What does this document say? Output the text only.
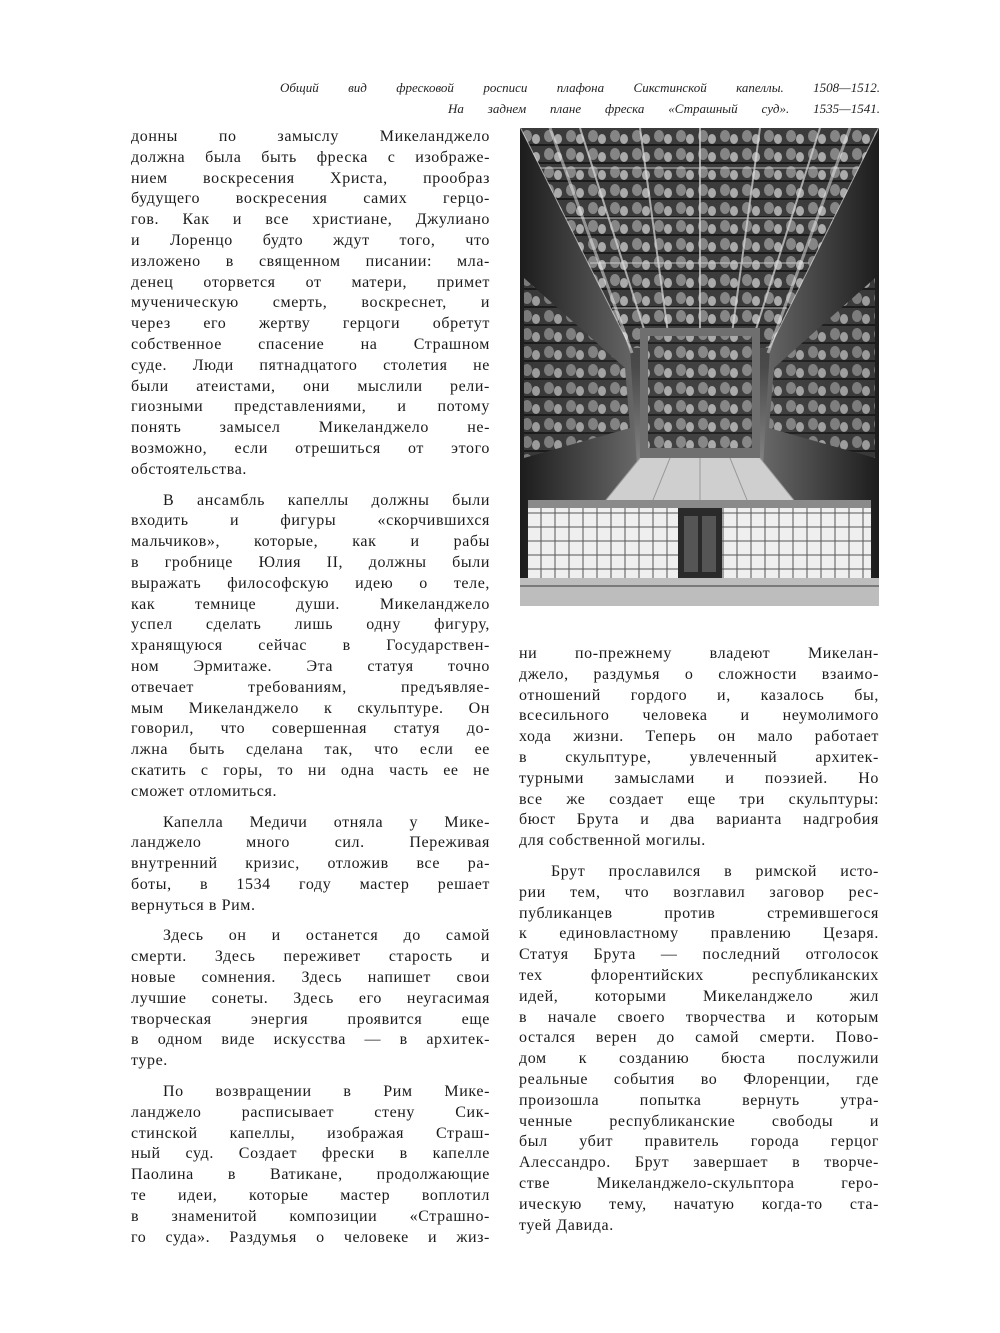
Общий вид фресковой росписи плафона Сикстинской капеллы. 1508—1512.
На заднем плане фреска «Страшный суд». 1535—1541.

донны по замыслу Микеланджело
должна была быть фреска с изображе-
нием воскресения Христа, прообраз
будущего воскресения самих герцо-
гов. Как и все христиане, Джулиано
и Лоренцо будто ждут того, что
изложено в священном писании: мла-
денец оторвется от матери, примет
мученическую смерть, воскреснет, и
через его жертву герцоги обретут
собственное спасение на Страшном
суде. Люди пятнадцатого столетия не
были атеистами, они мыслили рели-
гиозными представлениями, и потому
понять замысел Микеланджело не-
возможно, если отрешиться от этого
обстоятельства.

В ансамбль капеллы должны были
входить и фигуры «скорчившихся
мальчиков», которые, как и рабы
в гробнице Юлия II, должны были
выражать философскую идею о теле,
как темнице души. Микеланджело
успел сделать лишь одну фигуру,
хранящуюся сейчас в Государствен-
ном Эрмитаже. Эта статуя точно
отвечает требованиям, предъявляе-
мым Микеланджело к скульптуре. Он
говорил, что совершенная статуя до-
лжна быть сделана так, что если ее
скатить с горы, то ни одна часть ее не
сможет отломиться.

Капелла Медичи отняла у Мике-
ланджело много сил. Переживая
внутренний кризис, отложив все ра-
боты, в 1534 году мастер решает
вернуться в Рим.

Здесь он и останется до самой
смерти. Здесь переживет старость и
новые сомнения. Здесь напишет свои
лучшие сонеты. Здесь его неугасимая
творческая энергия проявится еще
в одном виде искусства — в архитек-
туре.

По возвращении в Рим Мике-
ланджело расписывает стену Сик-
стинской капеллы, изображая Страш-
ный суд. Создает фрески в капелле
Паолина в Ватикане, продолжающие
те идеи, которые мастер воплотил
в знаменитой композиции «Страшно-
го суда». Раздумья о человеке и жиз-

ни по-прежнему владеют Микелан-
джело, раздумья о сложности взаимо-
отношений гордого и, казалось бы,
всесильного человека и неумолимого
хода жизни. Теперь он мало работает
в скульптуре, увлеченный архитек-
турными замыслами и поэзией. Но
все же создает еще три скульптуры:
бюст Брута и два варианта надгробия
для собственной могилы.

Брут прославился в римской исто-
рии тем, что возглавил заговор рес-
публиканцев против стремившегося
к единовластному правлению Цезаря.
Статуя Брута — последний отголосок
тех флорентийских республиканских
идей, которыми Микеланджело жил
в начале своего творчества и которым
остался верен до самой смерти. Пово-
дом к созданию бюста послужили
реальные события во Флоренции, где
произошла попытка вернуть утра-
ченные республиканские свободы и
был убит правитель города герцог
Алессандро. Брут завершает в творче-
стве Микеланджело-скульптора геро-
ическую тему, начатую когда-то ста-
туей Давида.
